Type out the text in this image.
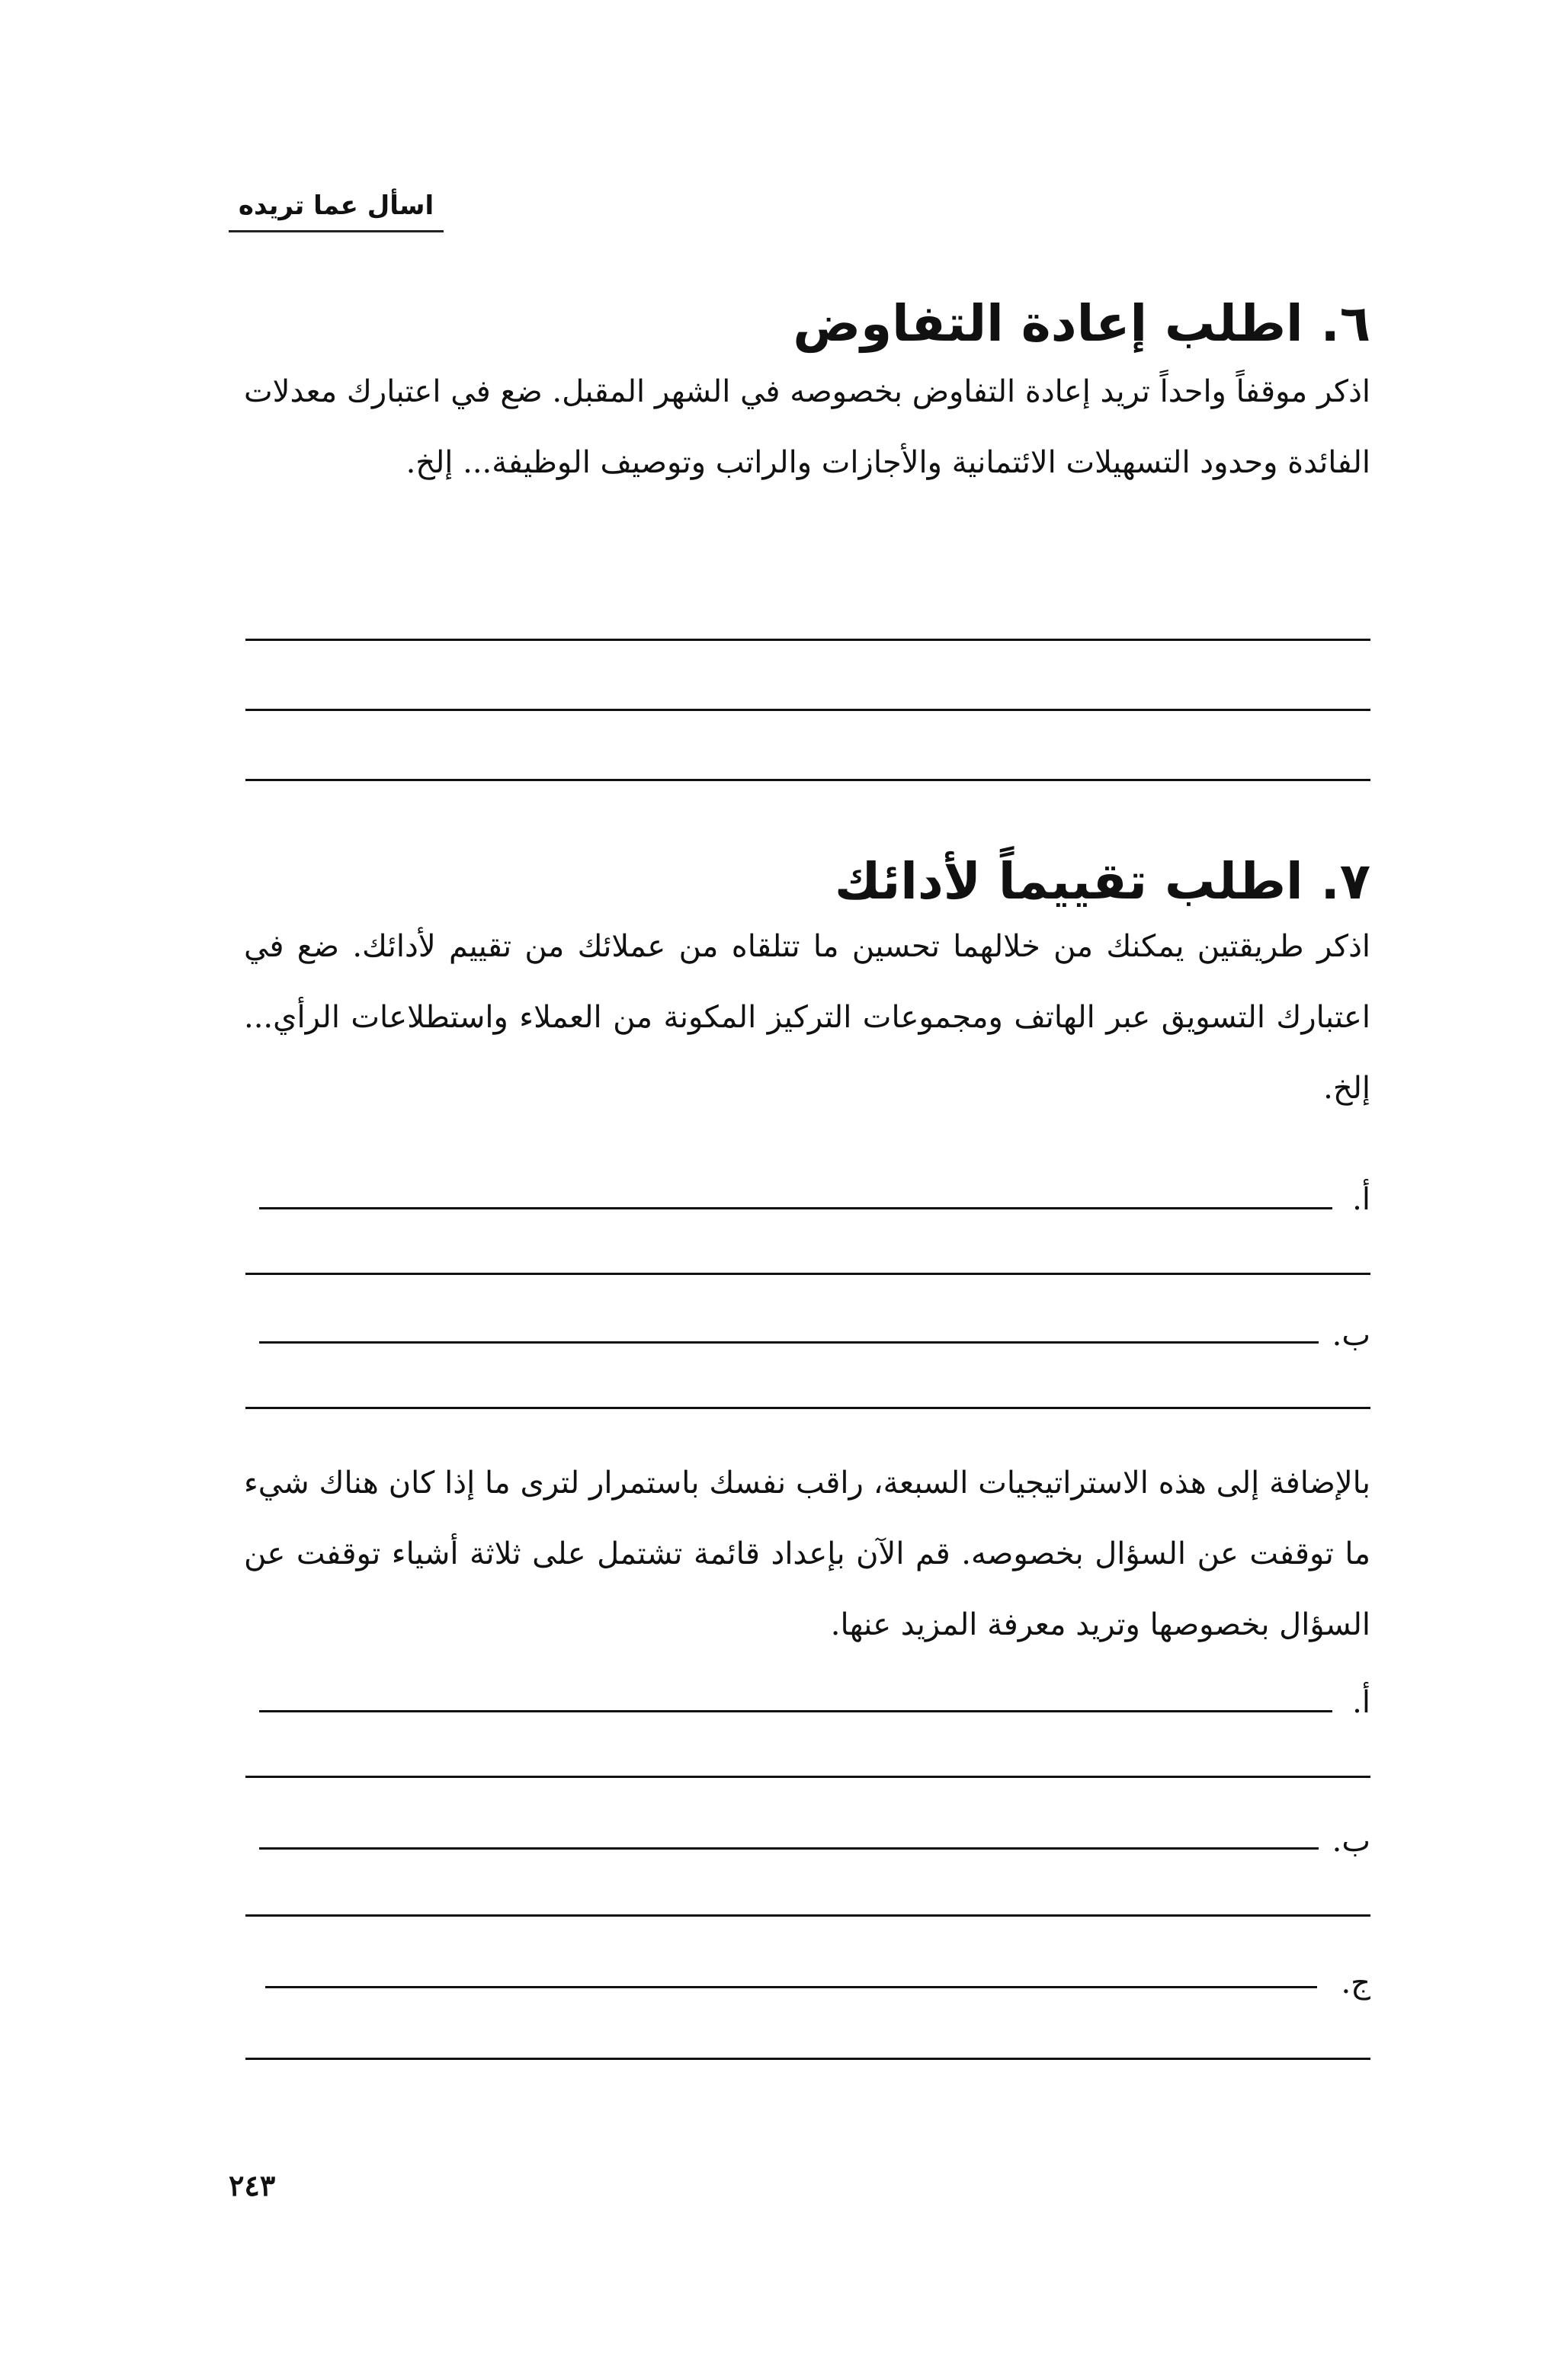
اسأل عما تريده
٦. اطلب إعادة التفاوض

اذكر موقفاً واحداً تريد إعادة التفاوض بخصوصه في الشهر المقبل. ضع في اعتبارك معدلات الفائدة وحدود التسهيلات الائتمانية والأجازات والراتب وتوصيف الوظيفة... إلخ.

٧. اطلب تقييماً لأدائك

اذكر طريقتين يمكنك من خلالهما تحسين ما تتلقاه من عملائك من تقييم لأدائك. ضع في اعتبارك التسويق عبر الهاتف ومجموعات التركيز المكونة من العملاء واستطلاعات الرأي... إلخ.

أ.
ب.

بالإضافة إلى هذه الاستراتيجيات السبعة، راقب نفسك باستمرار لترى ما إذا كان هناك شيء ما توقفت عن السؤال بخصوصه. قم الآن بإعداد قائمة تشتمل على ثلاثة أشياء توقفت عن السؤال بخصوصها وتريد معرفة المزيد عنها.

أ.
ب.
ج.
٢٤٣
